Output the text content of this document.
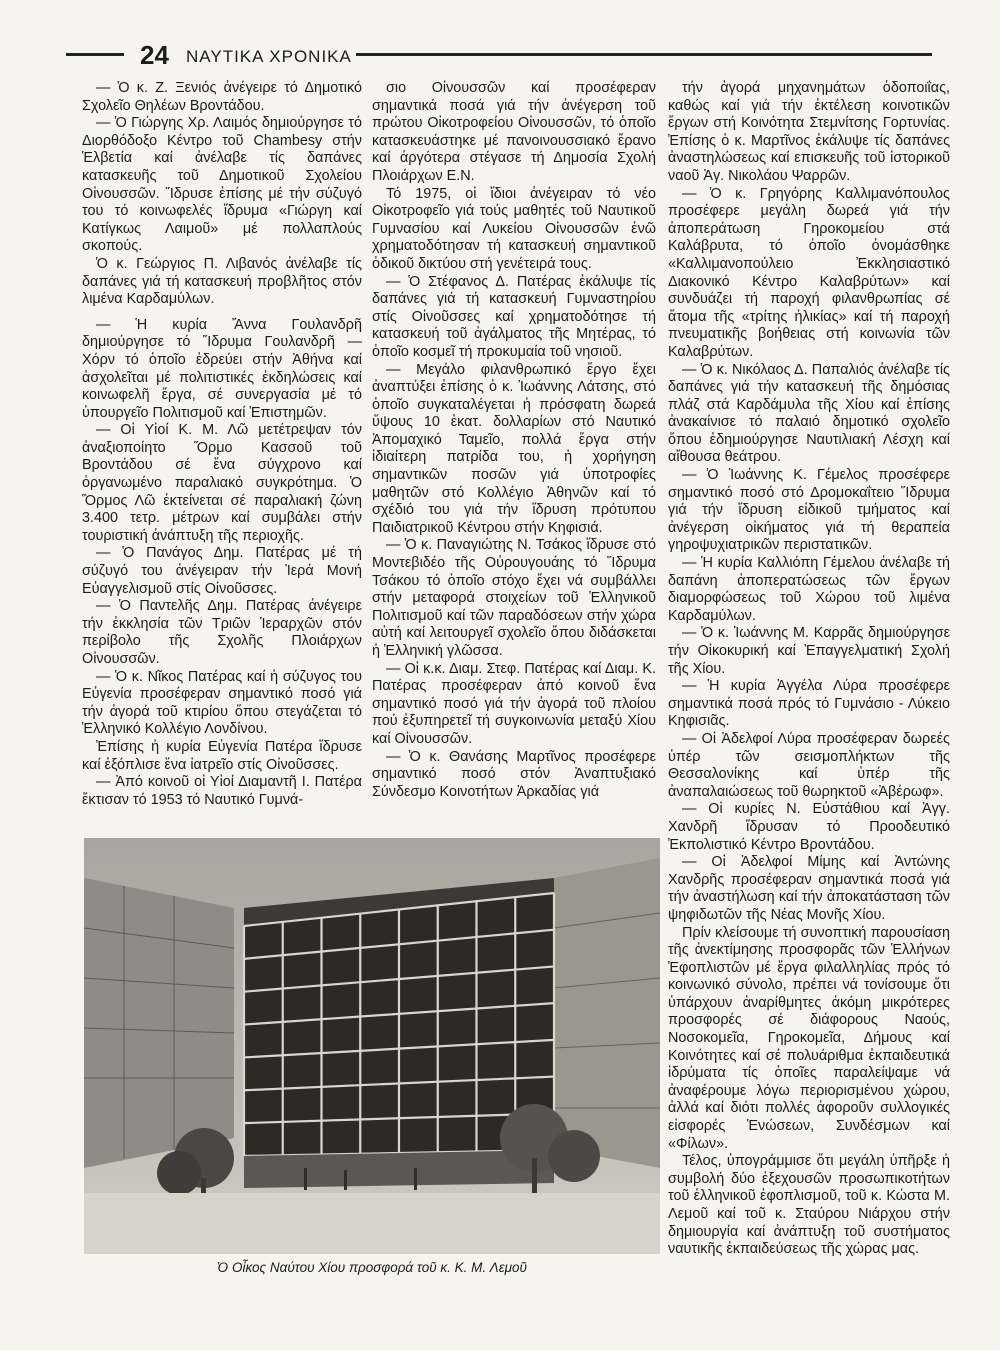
24 ΝΑΥΤΙΚΑ ΧΡΟΝΙΚΑ

— Ὁ κ. Ζ. Ξενιός ἀνέγειρε τό Δημοτικό Σχολεῖο Θηλέων Βροντάδου.

— Ὁ Γιώργης Χρ. Λαιμός δημιούργησε τό Διορθόδοξο Κέντρο τοῦ Chambesy στήν Ἑλβετία καί ἀνέλαβε τίς δαπάνες κατασκευῆς τοῦ Δημοτικοῦ Σχολείου Οἰνουσσῶν. Ἵδρυσε ἐπίσης μέ τήν σύζυγό του τό κοινωφελές ἵδρυμα «Γιώργη καί Κατίγκως Λαιμοῦ» μέ πολλαπλούς σκοπούς.

Ὁ κ. Γεώργιος Π. Λιβανός ἀνέλαβε τίς δαπάνες γιά τή κατασκευή προβλῆτος στόν λιμένα Καρδαμύλων.

— Ἡ κυρία Ἄννα Γουλανδρῆ δημιούργησε τό Ἵδρυμα Γουλανδρῆ — Χόρν τό ὁποῖο ἑδρεύει στήν Ἀθήνα καί ἀσχολεῖται μέ πολιτιστικές ἐκδηλώσεις καί κοινωφελῆ ἔργα, σέ συνεργασία μέ τό ὑπουργεῖο Πολιτισμοῦ καί Ἐπιστημῶν.

— Οἱ Υἱοί Κ. Μ. Λῶ μετέτρεψαν τόν ἀναξιοποίητο Ὅρμο Κασσοῦ τοῦ Βροντάδου σέ ἕνα σύγχρονο καί ὀργανωμένο παραλιακό συγκρότημα. Ὁ Ὅρμος Λῶ ἐκτείνεται σέ παραλιακή ζώνη 3.400 τετρ. μέτρων καί συμβάλει στήν τουριστική ἀνάπτυξη τῆς περιοχῆς.

— Ὁ Πανάγος Δημ. Πατέρας μέ τή σύζυγό του ἀνέγειραν τήν Ἱερά Μονή Εὐαγγελισμοῦ στίς Οἰνοῦσσες.

— Ὁ Παντελῆς Δημ. Πατέρας ἀνέγειρε τήν ἐκκλησία τῶν Τριῶν Ἱεραρχῶν στόν περίβολο τῆς Σχολῆς Πλοιάρχων Οἰνουσσῶν.

— Ὁ κ. Νῖκος Πατέρας καί ἡ σύζυγος του Εὐγενία προσέφεραν σημαντικό ποσό γιά τήν ἀγορά τοῦ κτιρίου ὅπου στεγάζεται τό Ἑλληνικό Κολλέγιο Λονδίνου.

Ἐπίσης ἡ κυρία Εὐγενία Πατέρα ἵδρυσε καί ἐξόπλισε ἕνα ἰατρεῖο στίς Οἰνοῦσσες.

— Ἀπό κοινοῦ οἱ Υἱοί Διαμαντῆ Ι. Πατέρα ἔκτισαν τό 1953 τό Ναυτικό Γυμνά-

σιο Οἰνουσσῶν καί προσέφεραν σημαντικά ποσά γιά τήν ἀνέγερση τοῦ πρώτου Οἰκοτροφείου Οἰνουσσῶν, τό ὁποῖο κατασκευάστηκε μέ πανοινουσσιακό ἔρανο καί ἀργότερα στέγασε τή Δημοσία Σχολή Πλοιάρχων Ε.Ν.

Τό 1975, οἱ ἴδιοι ἀνέγειραν τό νέο Οἰκοτροφεῖο γιά τούς μαθητές τοῦ Ναυτικοῦ Γυμνασίου καί Λυκείου Οἰνουσσῶν ἐνῶ χρηματοδότησαν τή κατασκευή σημαντικοῦ ὁδικοῦ δικτύου στή γενέτειρά τους.

— Ὁ Στέφανος Δ. Πατέρας ἐκάλυψε τίς δαπάνες γιά τή κατασκευή Γυμναστηρίου στίς Οἰνοῦσσες καί χρηματοδότησε τή κατασκευή τοῦ ἀγάλματος τῆς Μητέρας, τό ὁποῖο κοσμεῖ τή προκυμαία τοῦ νησιοῦ.

— Μεγάλο φιλανθρωπικό ἔργο ἔχει ἀναπτύξει ἐπίσης ὁ κ. Ἰωάννης Λάτσης, στό ὁποῖο συγκαταλέγεται ἡ πρόσφατη δωρεά ὕψους 10 ἑκατ. δολλαρίων στό Ναυτικό Ἀπομαχικό Ταμεῖο, πολλά ἔργα στήν ἰδιαίτερη πατρίδα του, ἡ χορήγηση σημαντικῶν ποσῶν γιά ὑποτροφίες μαθητῶν στό Κολλέγιο Ἀθηνῶν καί τό σχέδιό του γιά τήν ἵδρυση πρότυπου Παιδιατρικοῦ Κέντρου στήν Κηφισιά.

— Ὁ κ. Παναγιώτης Ν. Τσάκος ἵδρυσε στό Μοντεβιδέο τῆς Οὐρουγουάης τό Ἵδρυμα Τσάκου τό ὁποῖο στόχο ἔχει νά συμβάλλει στήν μεταφορά στοιχείων τοῦ Ἑλληνικοῦ Πολιτισμοῦ καί τῶν παραδόσεων στήν χώρα αὐτή καί λειτουργεῖ σχολεῖο ὅπου διδάσκεται ἡ Ἑλληνική γλῶσσα.

— Οἱ κ.κ. Διαμ. Στεφ. Πατέρας καί Διαμ. Κ. Πατέρας προσέφεραν ἀπό κοινοῦ ἕνα σημαντικό ποσό γιά τήν ἀγορά τοῦ πλοίου πού ἐξυπηρετεῖ τή συγκοινωνία μεταξύ Χίου καί Οἰνουσσῶν.

— Ὁ κ. Θανάσης Μαρτῖνος προσέφερε σημαντικό ποσό στόν Ἀναπτυξιακό Σύνδεσμο Κοινοτήτων Ἀρκαδίας γιά

τήν ἀγορά μηχανημάτων ὁδοποιΐας, καθώς καί γιά τήν ἐκτέλεση κοινοτικῶν ἔργων στή Κοινότητα Στεμνίτσης Γορτυνίας. Ἐπίσης ὁ κ. Μαρτῖνος ἐκάλυψε τίς δαπάνες ἀναστηλώσεως καί επισκευῆς τοῦ ἱστορικοῦ ναοῦ Ἁγ. Νικολάου Ψαρρῶν.

— Ὁ κ. Γρηγόρης Καλλιμανόπουλος προσέφερε μεγάλη δωρεά γιά τήν ἀποπεράτωση Γηροκομείου στά Καλάβρυτα, τό ὁποῖο ὀνομάσθηκε «Καλλιμανοπούλειο Ἐκκλησιαστικό Διακονικό Κέντρο Καλαβρύτων» καί συνδυάζει τή παροχή φιλανθρωπίας σέ ἄτομα τῆς «τρίτης ἡλικίας» καί τή παροχή πνευματικῆς βοήθειας στή κοινωνία τῶν Καλαβρύτων.

— Ὁ κ. Νικόλαος Δ. Παπαλιός ἀνέλαβε τίς δαπάνες γιά τήν κατασκευή τῆς δημόσιας πλάζ στά Καρδάμυλα τῆς Χίου καί ἐπίσης ἀνακαίνισε τό παλαιό δημοτικό σχολεῖο ὅπου ἑδημιούργησε Ναυτιλιακή Λέσχη καί αἴθουσα θεάτρου.

— Ὁ Ἰωάννης Κ. Γέμελος προσέφερε σημαντικό ποσό στό Δρομοκαΐτειο Ἵδρυμα γιά τήν ἵδρυση εἰδικοῦ τμήματος καί ἀνέγερση οἰκήματος γιά τή θεραπεία γηροψυχιατρικῶν περιστατικῶν.

— Ἡ κυρία Καλλιόπη Γέμελου ἀνέλαβε τή δαπάνη ἀποπερατώσεως τῶν ἔργων διαμορφώσεως τοῦ Χώρου τοῦ λιμένα Καρδαμύλων.

— Ὁ κ. Ἰωάννης Μ. Καρρᾶς δημιούργησε τήν Οἰκοκυρική καί Ἐπαγγελματική Σχολή τῆς Χίου.

— Ἡ κυρία Ἀγγέλα Λύρα προσέφερε σημαντικά ποσά πρός τό Γυμνάσιο - Λύκειο Κηφισιᾶς.

— Οἱ Ἀδελφοί Λύρα προσέφεραν δωρεές ὑπέρ τῶν σεισμοπλήκτων τῆς Θεσσαλονίκης καί ὑπέρ τῆς ἀναπαλαιώσεως τοῦ θωρηκτοῦ «Ἀβέρωφ».

— Οἱ κυρίες Ν. Εὐστάθιου καί Ἀγγ. Χανδρῆ ἵδρυσαν τό Προοδευτικό Ἐκπολιστικό Κέντρο Βροντάδου.

— Οἱ Ἀδελφοί Μίμης καί Ἀντώνης Χανδρῆς προσέφεραν σημαντικά ποσά γιά τήν ἀναστήλωση καί τήν ἀποκατάσταση τῶν ψηφιδωτῶν τῆς Νέας Μονῆς Χίου.

Πρίν κλείσουμε τή συνοπτική παρουσίαση τῆς ἀνεκτίμησης προσφορᾶς τῶν Ἑλλήνων Ἐφοπλιστῶν μέ ἔργα φιλαλληλίας πρός τό κοινωνικό σύνολο, πρέπει νά τονίσουμε ὅτι ὑπάρχουν ἀναρίθμητες ἀκόμη μικρότερες προσφορές σέ διάφορους Ναούς, Νοσοκομεῖα, Γηροκομεῖα, Δήμους καί Κοινότητες καί σέ πολυάριθμα ἐκπαιδευτικά ἱδρύματα τίς ὁποῖες παραλείψαμε νά ἀναφέρουμε λόγω περιορισμένου χώρου, ἀλλά καί διότι πολλές ἀφοροῦν συλλογικές εἰσφορές Ἑνώσεων, Συνδέσμων καί «Φίλων».

Τέλος, ὑπογράμμισε ὅτι μεγάλη ὑπῆρξε ἡ συμβολή δύο ἐξεχουσῶν προσωπικοτήτων τοῦ ἑλληνικοῦ ἐφοπλισμοῦ, τοῦ κ. Κώστα Μ. Λεμοῦ καί τοῦ κ. Σταύρου Νιάρχου στήν δημιουργία καί ἀνάπτυξη τοῦ συστήματος ναυτικῆς ἐκπαιδεύσεως τῆς χώρας μας.

Ὁ Οἶκος Ναύτου Χίου προσφορά τοῦ κ. Κ. Μ. Λεμοῦ
